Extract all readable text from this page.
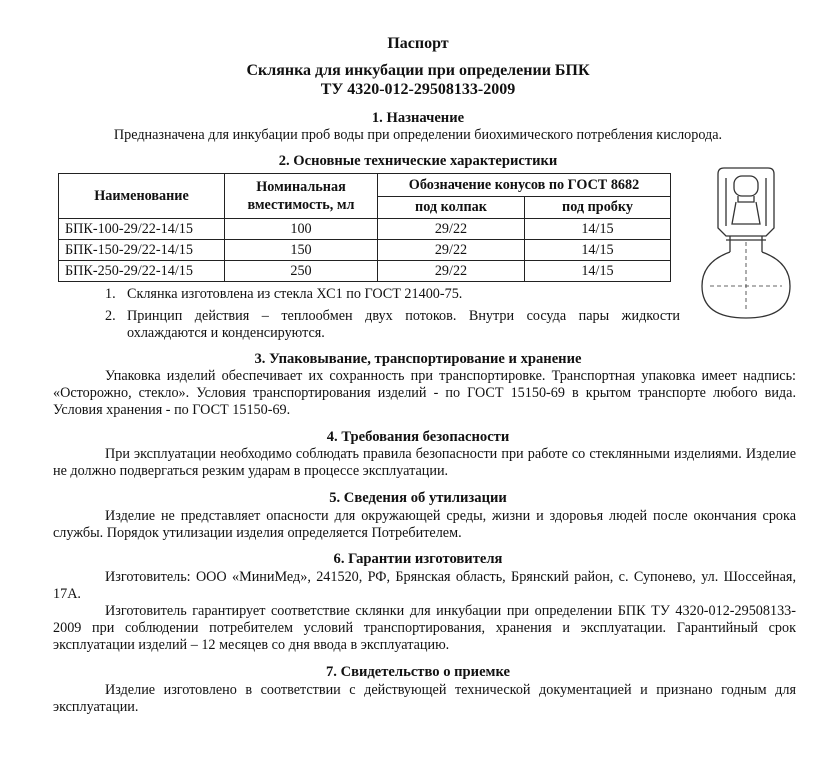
Паспорт
Склянка для инкубации при определении БПК
ТУ 4320-012-29508133-2009
1. Назначение
Предназначена для инкубации проб воды при определении биохимического потребления кислорода.
2. Основные технические характеристики
Наименование	Номинальная вместимость, мл	Обозначение конусов по ГОСТ 8682	
		под колпак	под пробку
БПК-100-29/22-14/15	100	29/22	14/15
БПК-150-29/22-14/15	150	29/22	14/15
БПК-250-29/22-14/15	250	29/22	14/15
1. Склянка изготовлена из стекла ХС1 по ГОСТ 21400-75.
2. Принцип действия – теплообмен двух потоков. Внутри сосуда пары жидкости охлаждаются и конденсируются.
3. Упаковывание, транспортирование и хранение
Упаковка изделий обеспечивает их сохранность при транспортировке. Транспортная упаковка имеет надпись: «Осторожно, стекло». Условия транспортирования изделий - по ГОСТ 15150-69 в крытом транспорте любого вида. Условия хранения - по ГОСТ 15150-69.
4. Требования безопасности
При эксплуатации необходимо соблюдать правила безопасности при работе со стеклянными изделиями. Изделие не должно подвергаться резким ударам в процессе эксплуатации.
5. Сведения об утилизации
Изделие не представляет опасности для окружающей среды, жизни и здоровья людей после окончания срока службы. Порядок утилизации изделия определяется Потребителем.
6. Гарантии изготовителя
Изготовитель: ООО «МиниМед», 241520, РФ, Брянская область, Брянский район, с. Супонево, ул. Шоссейная, 17А.
Изготовитель гарантирует соответствие склянки для инкубации при определении БПК ТУ 4320-012-29508133-2009 при соблюдении потребителем условий транспортирования, хранения и эксплуатации. Гарантийный срок эксплуатации изделий – 12 месяцев со дня ввода в эксплуатацию.
7. Свидетельство о приемке
Изделие изготовлено в соответствии с действующей технической документацией и признано годным для эксплуатации.
